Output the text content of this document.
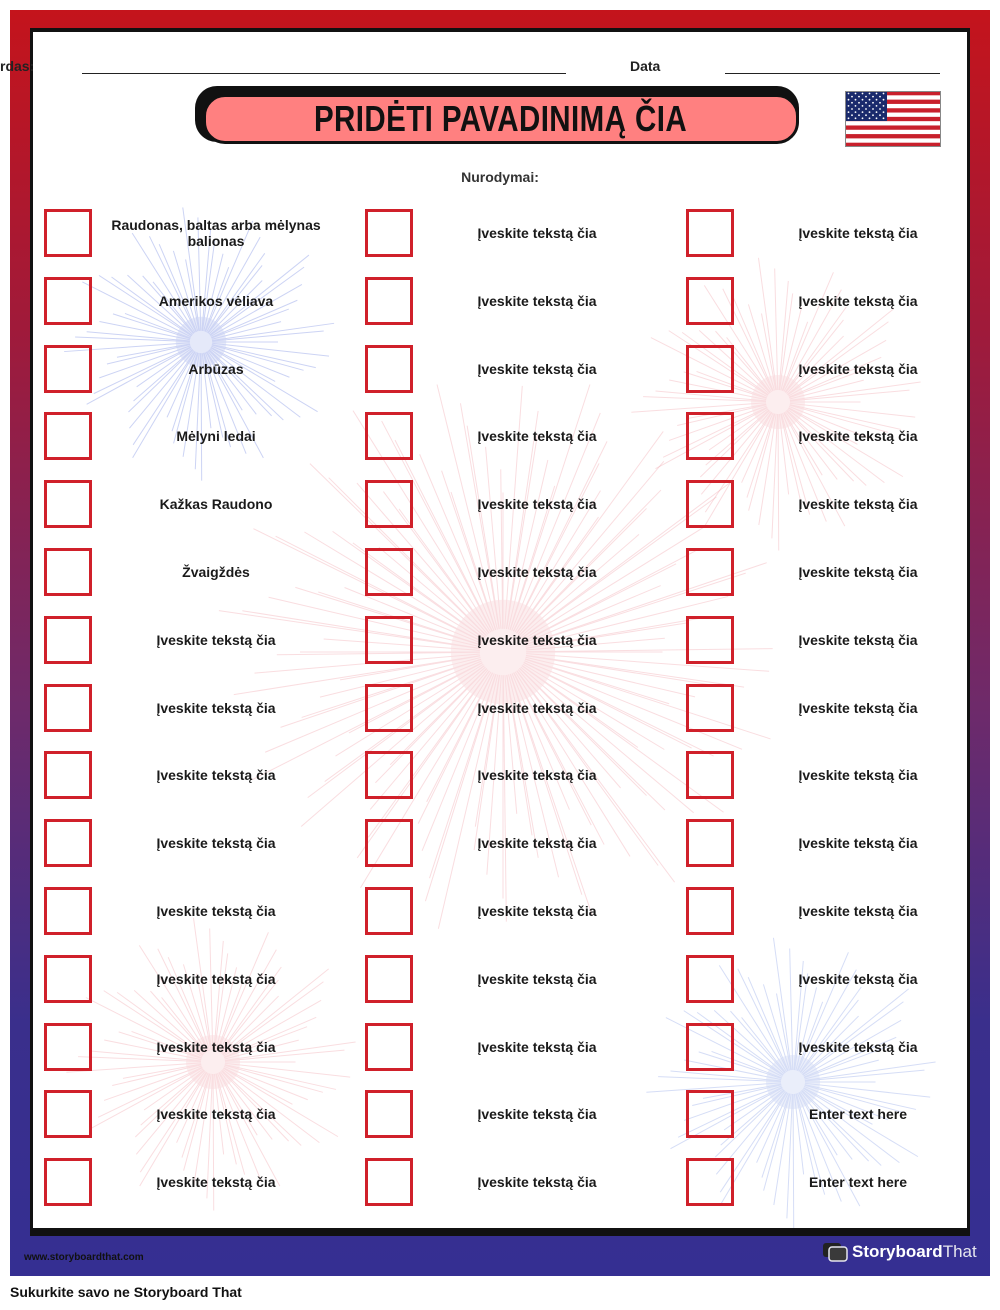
rdas:	Data
PRIDĖTI PAVADINIMĄ ČIA
Nurodymai:
Raudonas, baltas arba mėlynas balionas
Amerikos vėliava
Arbūzas
Mėlyni ledai
Kažkas Raudono
Žvaigždės
Įveskite tekstą čia
Įveskite tekstą čia
Įveskite tekstą čia
Įveskite tekstą čia
Įveskite tekstą čia
Įveskite tekstą čia
Įveskite tekstą čia
Įveskite tekstą čia
Įveskite tekstą čia
Įveskite tekstą čia
Įveskite tekstą čia
Įveskite tekstą čia
Įveskite tekstą čia
Įveskite tekstą čia
Įveskite tekstą čia
Įveskite tekstą čia
Įveskite tekstą čia
Įveskite tekstą čia
Įveskite tekstą čia
Įveskite tekstą čia
Įveskite tekstą čia
Įveskite tekstą čia
Įveskite tekstą čia
Įveskite tekstą čia
Įveskite tekstą čia
Įveskite tekstą čia
Įveskite tekstą čia
Įveskite tekstą čia
Įveskite tekstą čia
Įveskite tekstą čia
Įveskite tekstą čia
Įveskite tekstą čia
Įveskite tekstą čia
Įveskite tekstą čia
Įveskite tekstą čia
Įveskite tekstą čia
Įveskite tekstą čia
Enter text here
Enter text here
www.storyboardthat.com	Storyboard That
Sukurkite savo ne Storyboard That
